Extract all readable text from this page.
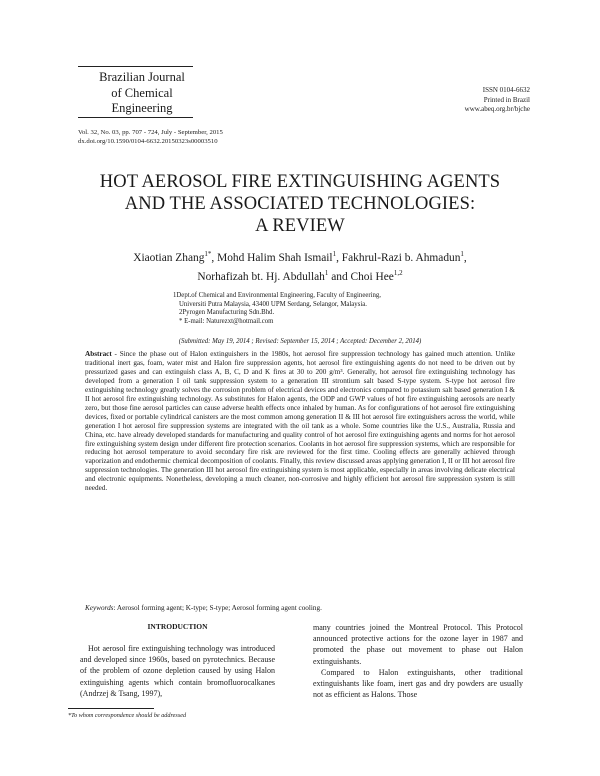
Brazilian Journal
of Chemical
Engineering
ISSN 0104-6632
Printed in Brazil
www.abeq.org.br/bjche
Vol. 32, No. 03, pp. 707 - 724, July - September, 2015
dx.doi.org/10.1590/0104-6632.20150323s00003510
HOT AEROSOL FIRE EXTINGUISHING AGENTS
AND THE ASSOCIATED TECHNOLOGIES:
A REVIEW
Xiaotian Zhang$^{1*}$, Mohd Halim Shah Ismail$^1$, Fakhrul-Razi b. Ahmadun$^1$,
Norhafizah bt. Hj. Abdullah$^1$ and Choi Hee$^{1,2}$
1Dept.of Chemical and Environmental Engineering, Faculty of Engineering,
Universiti Putra Malaysia, 43400 UPM Serdang, Selangor, Malaysia.
2Pyrogen Manufacturing Sdn.Bhd.
* E-mail: Naturezxt@hotmail.com
(Submitted: May 19, 2014 ; Revised: September 15, 2014 ; Accepted: December 2, 2014)
Abstract - Since the phase out of Halon extinguishers in the 1980s, hot aerosol fire suppression technology has gained much attention. Unlike traditional inert gas, foam, water mist and Halon fire suppression agents, hot aerosol fire extinguishing agents do not need to be driven out by pressurized gases and can extinguish class A, B, C, D and K fires at 30 to 200 g/m³. Generally, hot aerosol fire extinguishing technology has developed from a generation I oil tank suppression system to a generation III strontium salt based S-type system. S-type hot aerosol fire extinguishing technology greatly solves the corrosion problem of electrical devices and electronics compared to potassium salt based generation I & II hot aerosol fire extinguishing technology. As substitutes for Halon agents, the ODP and GWP values of hot fire extinguishing aerosols are nearly zero, but those fine aerosol particles can cause adverse health effects once inhaled by human. As for configurations of hot aerosol fire extinguishing devices, fixed or portable cylindrical canisters are the most common among generation II & III hot aerosol fire extinguishers across the world, while generation I hot aerosol fire suppression systems are integrated with the oil tank as a whole. Some countries like the U.S., Australia, Russia and China, etc. have already developed standards for manufacturing and quality control of hot aerosol fire extinguishing agents and norms for hot aerosol fire extinguishing system design under different fire protection scenarios. Coolants in hot aerosol fire suppression systems, which are responsible for reducing hot aerosol temperature to avoid secondary fire risk are reviewed for the first time. Cooling effects are generally achieved through vaporization and endothermic chemical decomposition of coolants. Finally, this review discussed areas applying generation I, II or III hot aerosol fire suppression technologies. The generation III hot aerosol fire extinguishing system is most applicable, especially in areas involving delicate electrical and electronic equipments. Nonetheless, developing a much cleaner, non-corrosive and highly efficient hot aerosol fire suppression system is still needed.
Keywords: Aerosol forming agent; K-type; S-type; Aerosol forming agent cooling.

INTRODUCTION

Hot aerosol fire extinguishing technology was introduced and developed since 1960s, based on pyrotechnics. Because of the problem of ozone depletion caused by using Halon extinguishing agents which contain bromofluorocalkanes (Andrzej & Tsang, 1997),

many countries joined the Montreal Protocol. This Protocol announced protective actions for the ozone layer in 1987 and promoted the phase out movement to phase out Halon extinguishants.

Compared to Halon extinguishants, other traditional extinguishants like foam, inert gas and dry powders are usually not as efficient as Halons. Those

*To whom correspondence should be addressed
